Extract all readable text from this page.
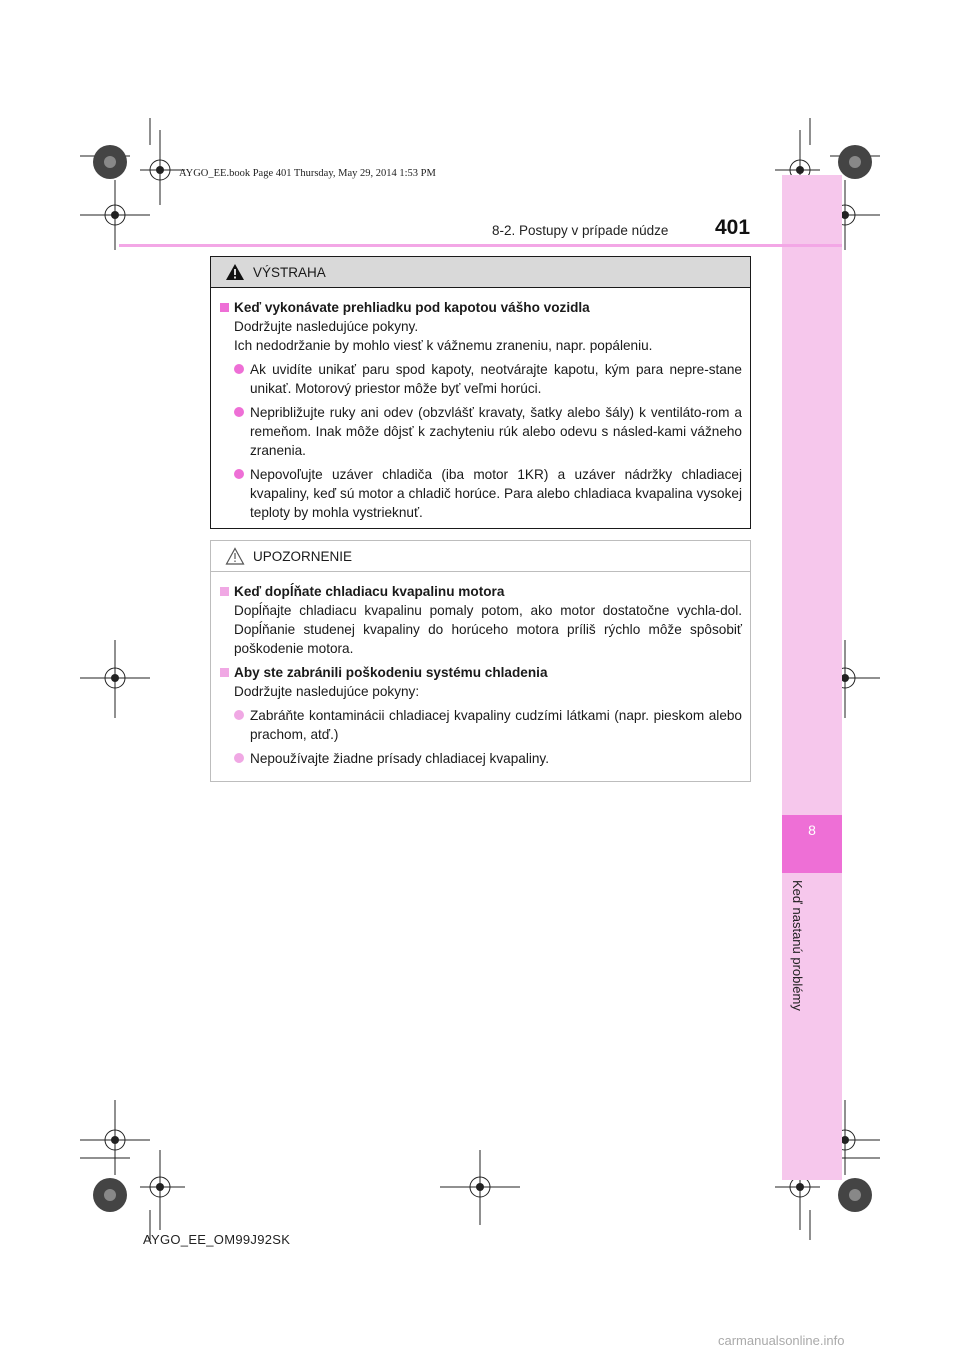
8
Keď nastanú problémy
AYGO_EE.book Page 401 Thursday, May 29, 2014 1:53 PM
8-2. Postupy v prípade núdze 401
VÝSTRAHA
Keď vykonávate prehliadku pod kapotou vášho vozidla
Dodržujte nasledujúce pokyny.
Ich nedodržanie by mohlo viesť k vážnemu zraneniu, napr. popáleniu.
Ak uvidíte unikať paru spod kapoty, neotvárajte kapotu, kým para nepre-stane unikať. Motorový priestor môže byť veľmi horúci.
Nepribližujte ruky ani odev (obzvlášť kravaty, šatky alebo šály) k ventiláto-rom a remeňom. Inak môže dôjsť k zachyteniu rúk alebo odevu s násled-kami vážneho zranenia.
Nepovoľujte uzáver chladiča (iba motor 1KR) a uzáver nádržky chladiacej kvapaliny, keď sú motor a chladič horúce. Para alebo chladiaca kvapalina vysokej teploty by mohla vystrieknuť.
UPOZORNENIE
Keď dopĺňate chladiacu kvapalinu motora
Dopĺňajte chladiacu kvapalinu pomaly potom, ako motor dostatočne vychla-dol. Dopĺňanie studenej kvapaliny do horúceho motora príliš rýchlo môže spôsobiť poškodenie motora.
Aby ste zabránili poškodeniu systému chladenia
Dodržujte nasledujúce pokyny:
Zabráňte kontaminácii chladiacej kvapaliny cudzími látkami (napr. pieskom alebo prachom, atď.)
Nepoužívajte žiadne prísady chladiacej kvapaliny.
AYGO_EE_OM99J92SK
carmanualsonline.info
